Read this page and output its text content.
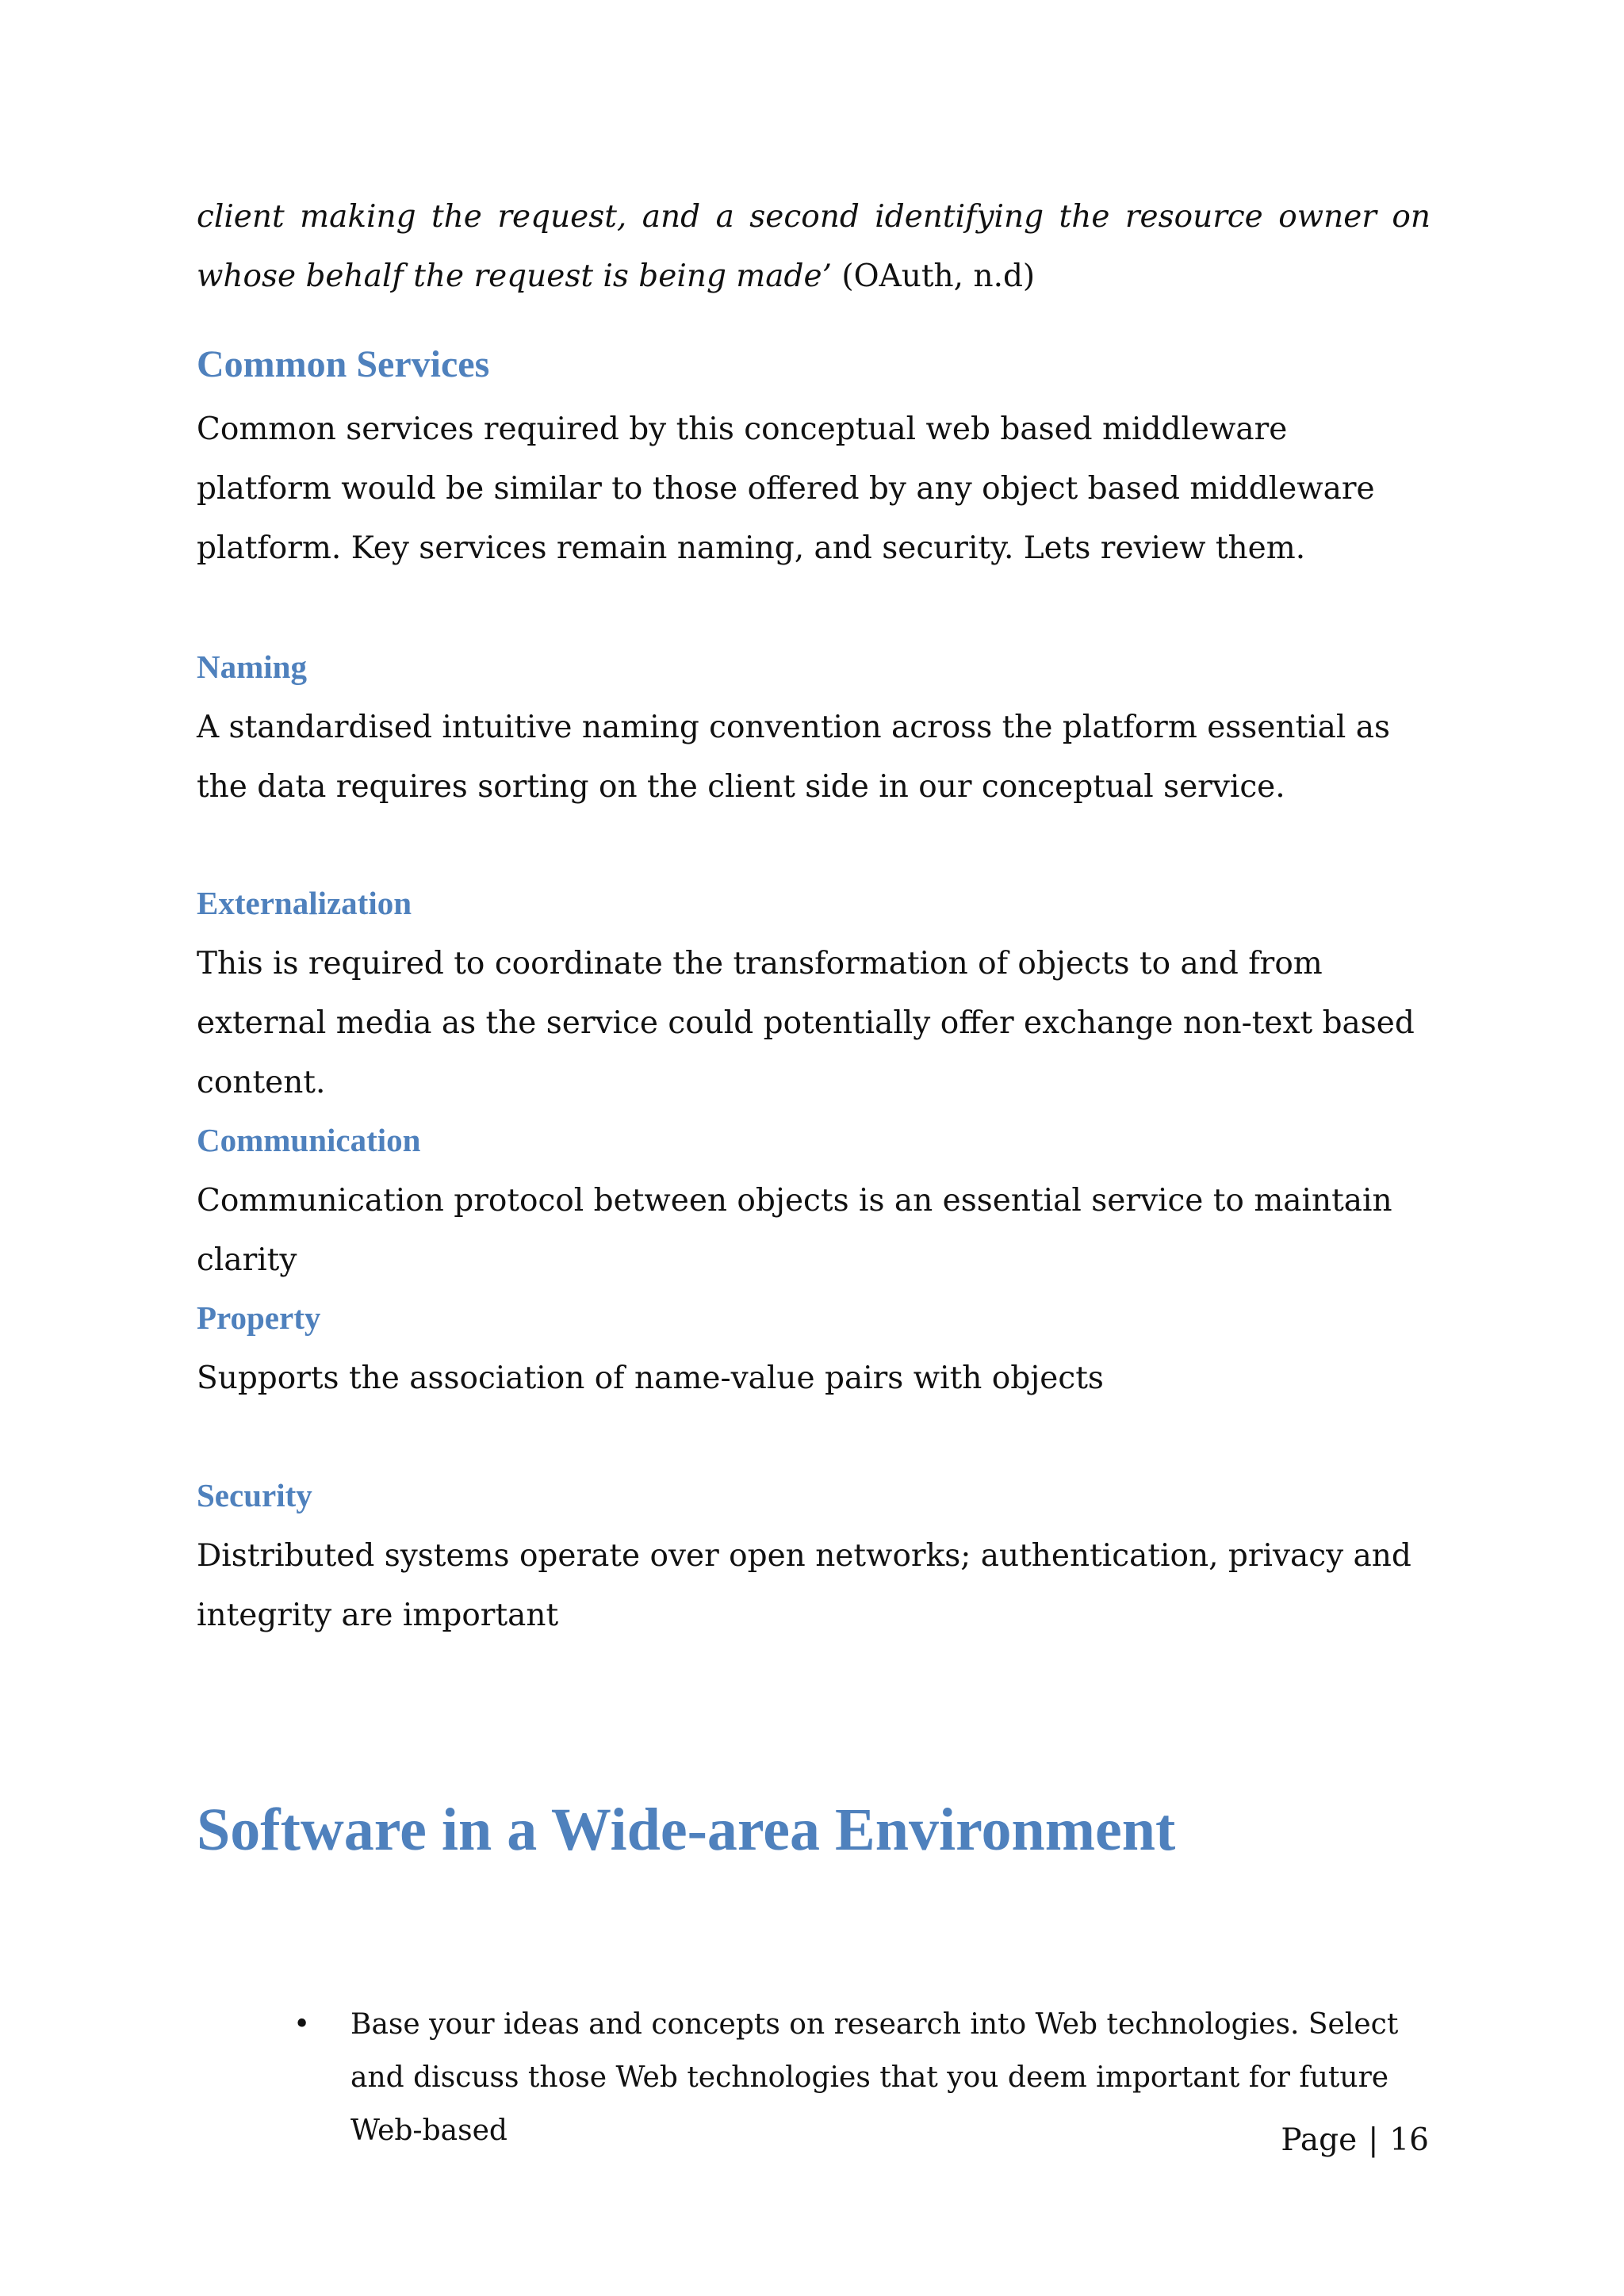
client making the request, and a second identifying the resource owner on whose behalf the request is being made’ (OAuth, n.d)

Common Services

Common services required by this conceptual web based middleware platform would be similar to those offered by any object based middleware platform. Key services remain naming, and security. Lets review them.

Naming

A standardised intuitive naming convention across the platform essential as the data requires sorting on the client side in our conceptual service.

Externalization

This is required to coordinate the transformation of objects to and from external media as the service could potentially offer exchange non-text based content.

Communication

Communication protocol between objects is an essential service to maintain clarity

Property

Supports the association of name-value pairs with objects

Security

Distributed systems operate over open networks; authentication, privacy and integrity are important

Software in a Wide-area Environment
• Base your ideas and concepts on research into Web technologies. Select and discuss those Web technologies that you deem important for future Web-based	Page | 16
